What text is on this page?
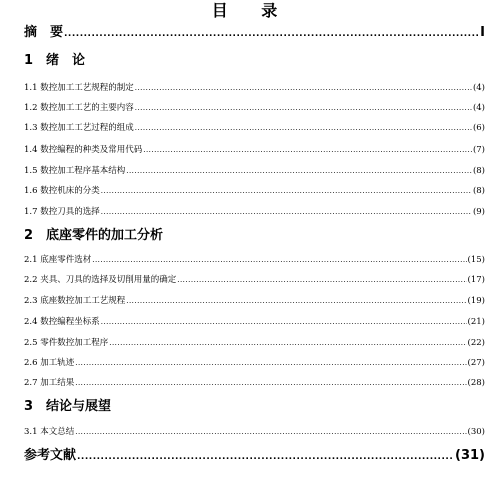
目 录
摘　要 .....	I
1 绪　论
1.1 数控加工工艺规程的制定 .....	(4)
1.2 数控加工工艺的主要内容 .....	(4)
1.3 数控加工工艺过程的组成 .....	(6)
1.4 数控编程的种类及常用代码 .....	(7)
1.5 数控加工程序基本结构 .....	(8)
1.6 数控机床的分类 .....	(8)
1.7 数控刀具的选择 .....	(9)
2 底座零件的加工分析
2.1 底座零件选材 .....	(15)
2.2 夹具、刀具的选择及切削用量的确定 .....	(17)
2.3 底座数控加工工艺规程 .....	(19)
2.4 数控编程坐标系 .....	(21)
2.5 零件数控加工程序 .....	(22)
2.6 加工轨迹 .....	(27)
2.7 加工结果 .....	(28)
3 结论与展望
3.1 本文总结 .....	(30)
参考文献 .....	(31)
